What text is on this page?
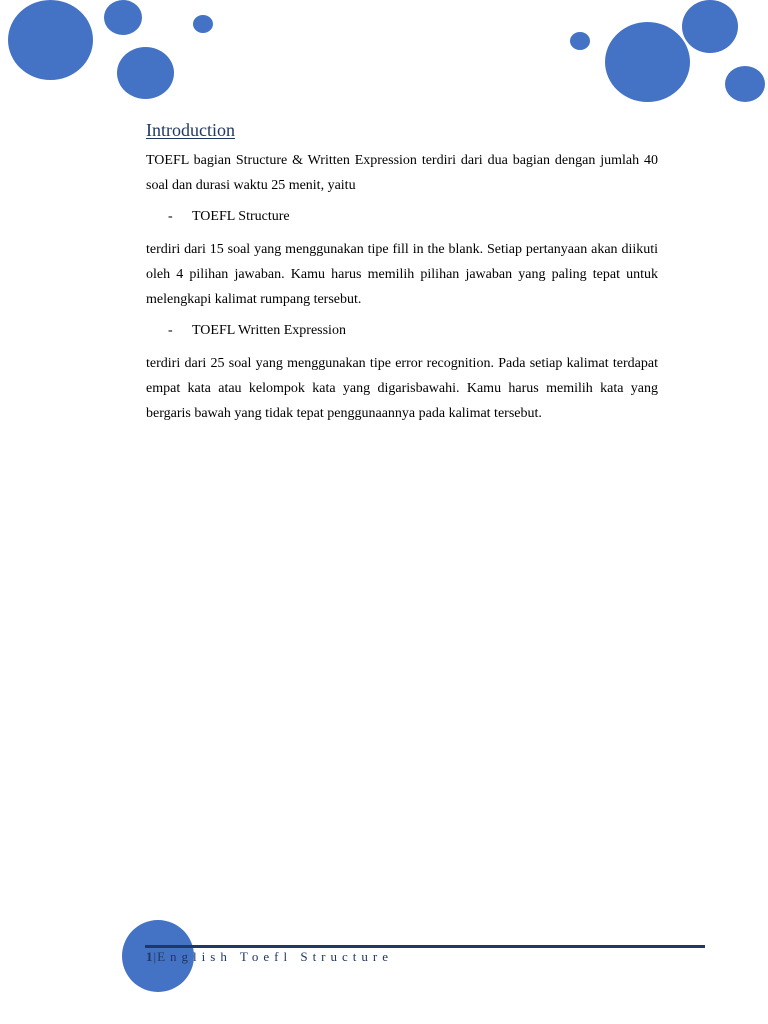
Introduction

TOEFL bagian Structure & Written Expression terdiri dari dua bagian dengan jumlah 40 soal dan durasi waktu 25 menit, yaitu

-	TOEFL Structure

terdiri dari 15 soal yang menggunakan tipe fill in the blank. Setiap pertanyaan akan diikuti oleh 4 pilihan jawaban. Kamu harus memilih pilihan jawaban yang paling tepat untuk melengkapi kalimat rumpang tersebut.

-	TOEFL Written Expression

terdiri dari 25 soal yang menggunakan tipe error recognition. Pada setiap kalimat terdapat empat kata atau kelompok kata yang digarisbawahi. Kamu harus memilih kata yang bergaris bawah yang tidak tepat penggunaannya pada kalimat tersebut.

1|English Toefl Structure
